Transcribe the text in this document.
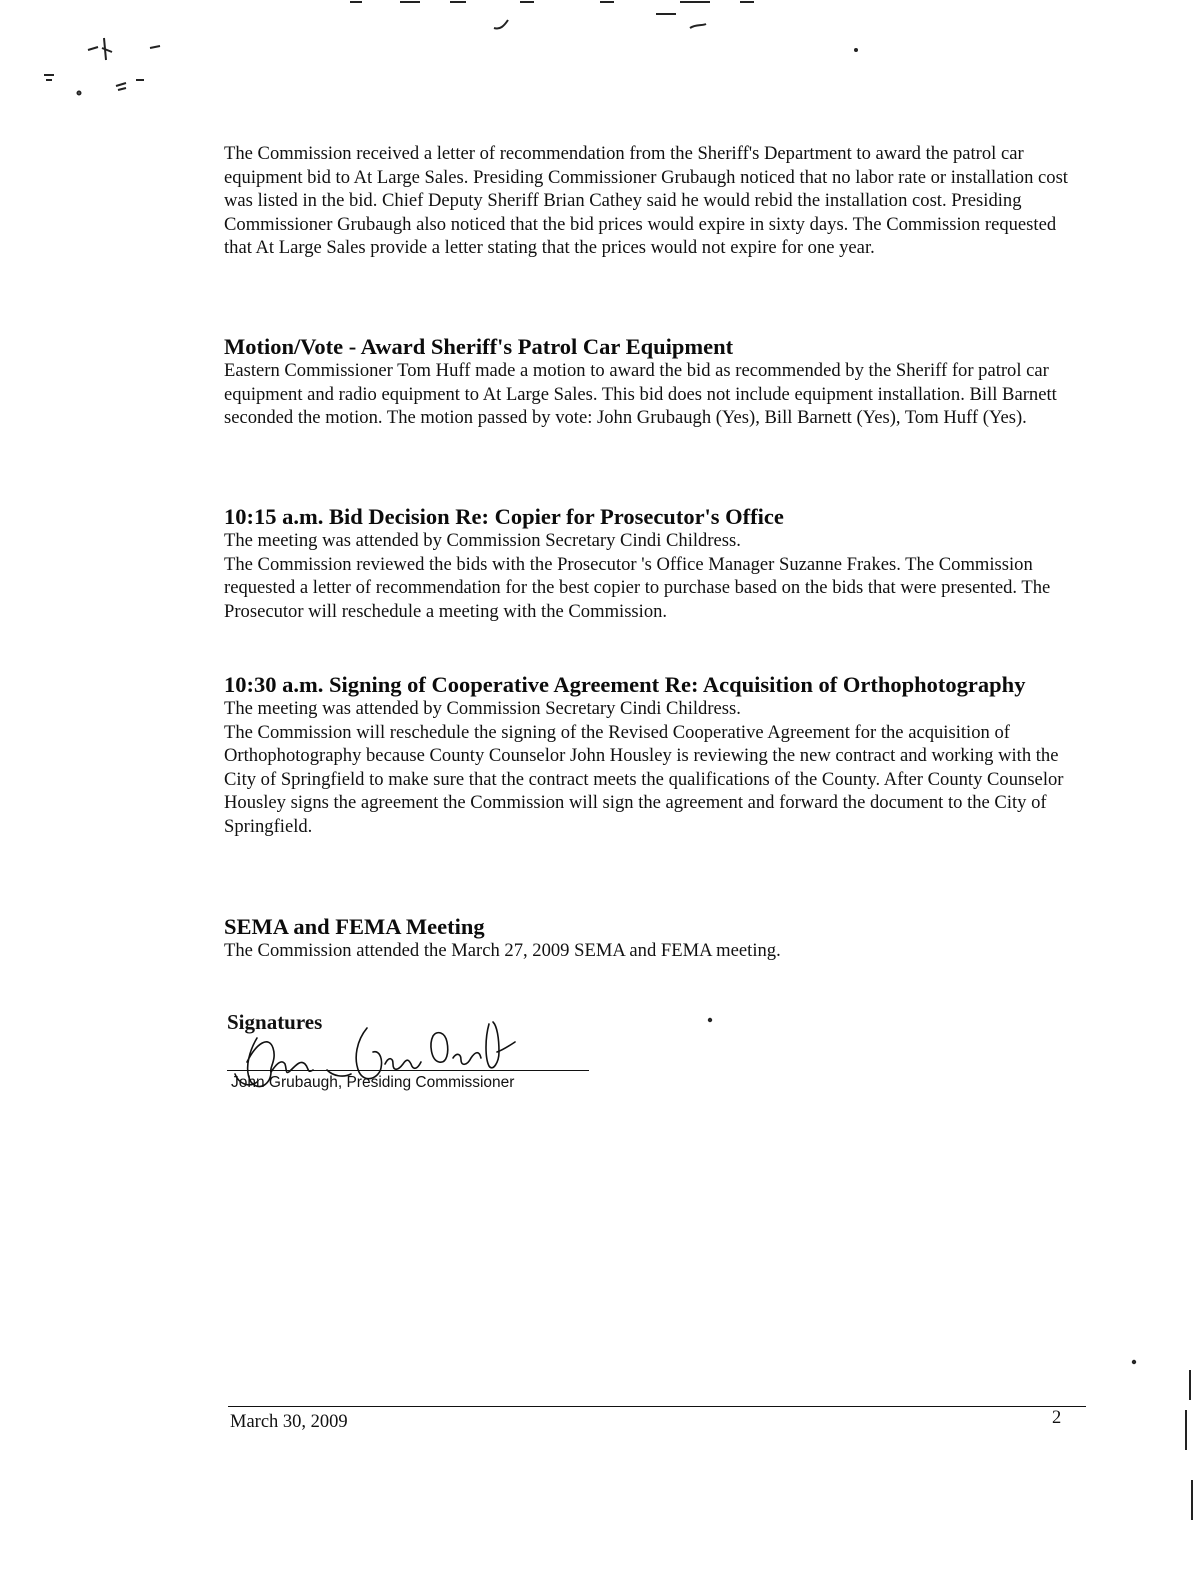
The Commission received a letter of recommendation from the Sheriff's Department to award the patrol car equipment bid to At Large Sales. Presiding Commissioner Grubaugh noticed that no labor rate or installation cost was listed in the bid. Chief Deputy Sheriff Brian Cathey said he would rebid the installation cost. Presiding Commissioner Grubaugh also noticed that the bid prices would expire in sixty days. The Commission requested that At Large Sales provide a letter stating that the prices would not expire for one year.

Motion/Vote - Award Sheriff's Patrol Car Equipment

Eastern Commissioner Tom Huff made a motion to award the bid as recommended by the Sheriff for patrol car equipment and radio equipment to At Large Sales. This bid does not include equipment installation. Bill Barnett seconded the motion. The motion passed by vote: John Grubaugh (Yes), Bill Barnett (Yes), Tom Huff (Yes).

10:15 a.m. Bid Decision Re: Copier for Prosecutor's Office

The meeting was attended by Commission Secretary Cindi Childress.

The Commission reviewed the bids with the Prosecutor 's Office Manager Suzanne Frakes. The Commission requested a letter of recommendation for the best copier to purchase based on the bids that were presented. The Prosecutor will reschedule a meeting with the Commission.

10:30 a.m. Signing of Cooperative Agreement Re: Acquisition of Orthophotography

The meeting was attended by Commission Secretary Cindi Childress.

The Commission will reschedule the signing of the Revised Cooperative Agreement for the acquisition of Orthophotography because County Counselor John Housley is reviewing the new contract and working with the City of Springfield to make sure that the contract meets the qualifications of the County. After County Counselor Housley signs the agreement the Commission will sign the agreement and forward the document to the City of Springfield.

SEMA and FEMA Meeting

The Commission attended the March 27, 2009 SEMA and FEMA meeting.

Signatures
John Grubaugh, Presiding Commissioner
March 30, 2009	2
